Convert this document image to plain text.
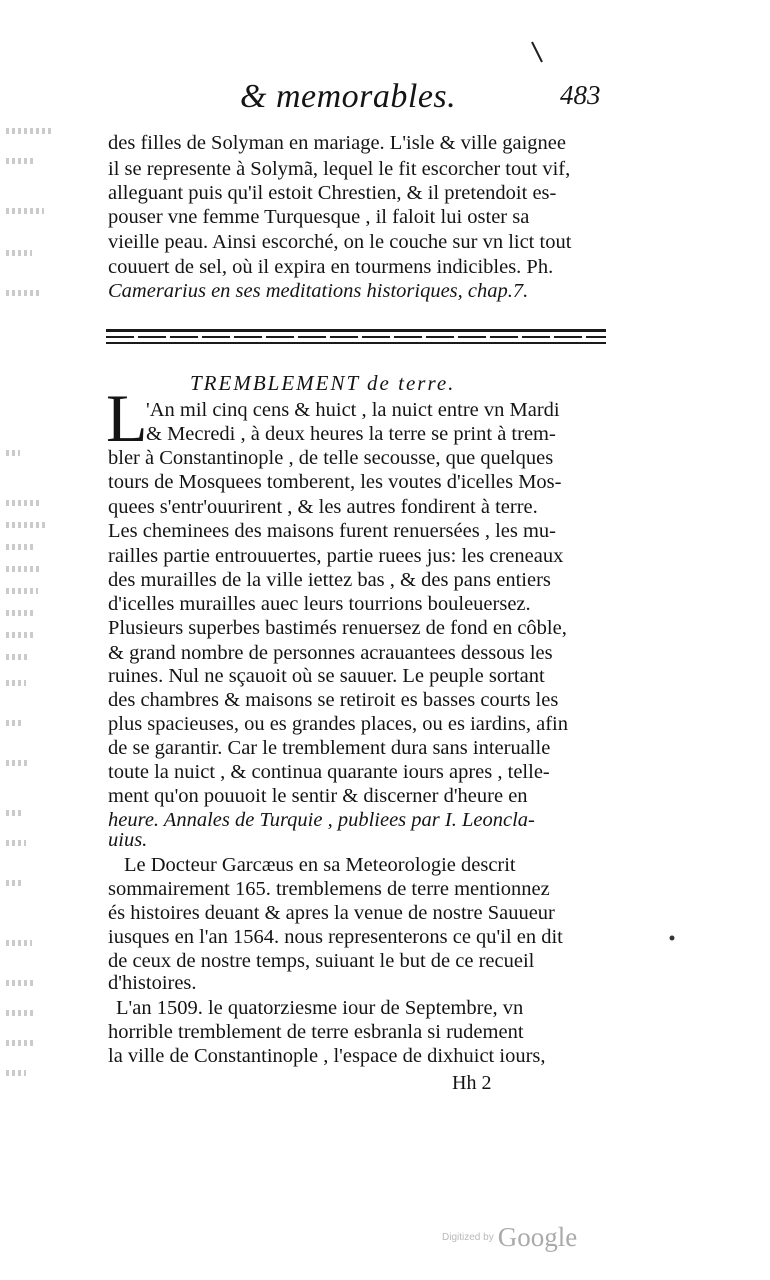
& memorables.	483
des filles de Solyman en mariage. L'isle & ville gaignee
il se represente à Solymã, lequel le fit escorcher tout vif,
alleguant puis qu'il estoit Chrestien, & il pretendoit es-
pouser vne femme Turquesque , il faloit lui oster sa
vieille peau. Ainsi escorché, on le couche sur vn lict tout
couuert de sel, où il expira en tourmens indicibles. Ph.
Camerarius en ses meditations historiques, chap.7.
TREMBLEMENT de terre.
L
'An mil cinq cens & huict , la nuict entre vn Mardi
& Mecredi , à deux heures la terre se print à trem-
bler à Constantinople , de telle secousse, que quelques
tours de Mosquees tomberent, les voutes d'icelles Mos-
quees s'entr'ouurirent , & les autres fondirent à terre.
Les cheminees des maisons furent renuersées , les mu-
railles partie entrouuertes, partie ruees jus: les creneaux
des murailles de la ville iettez bas , & des pans entiers
d'icelles murailles auec leurs tourrions bouleuersez.
Plusieurs superbes bastimés renuersez de fond en côble,
& grand nombre de personnes acrauantees dessous les
ruines. Nul ne sçauoit où se sauuer. Le peuple sortant
des chambres & maisons se retiroit es basses courts les
plus spacieuses, ou es grandes places, ou es iardins, afin
de se garantir. Car le tremblement dura sans interualle
toute la nuict , & continua quarante iours apres , telle-
ment qu'on pouuoit le sentir & discerner d'heure en
heure. Annales de Turquie , publiees par I. Leoncla-
uius.
Le Docteur Garcæus en sa Meteorologie descrit
sommairement 165. tremblemens de terre mentionnez
és histoires deuant & apres la venue de nostre Sauueur
iusques en l'an 1564. nous representerons ce qu'il en dit
de ceux de nostre temps, suiuant le but de ce recueil
d'histoires.
L'an 1509. le quatorziesme iour de Septembre, vn
horrible tremblement de terre esbranla si rudement
la ville de Constantinople , l'espace de dixhuict iours,
Hh 2
Digitized by Google
